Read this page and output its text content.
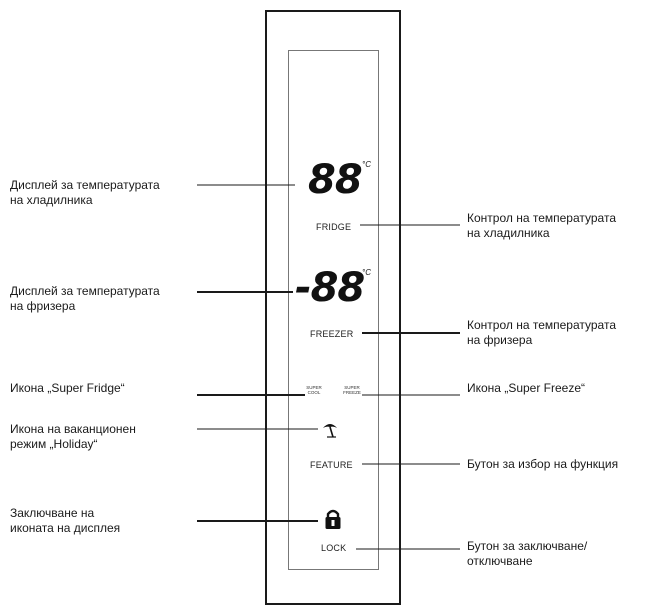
Дисплей за температурата
на хладилника
Дисплей за температурата
на фризера
Икона „Super Fridge“
Икона на ваканционен
режим „Holiday“
Заключване на
иконата на дисплея
Контрол на температурата
на хладилника
Контрол на температурата
на фризера
Икона „Super Freeze“
Бутон за избор на функция
Бутон за заключване/
отключване
88 °C
FRIDGE
-88
°C
FREEZER
SUPER
COOL
SUPER
FREEZE
FEATURE
LOCK
